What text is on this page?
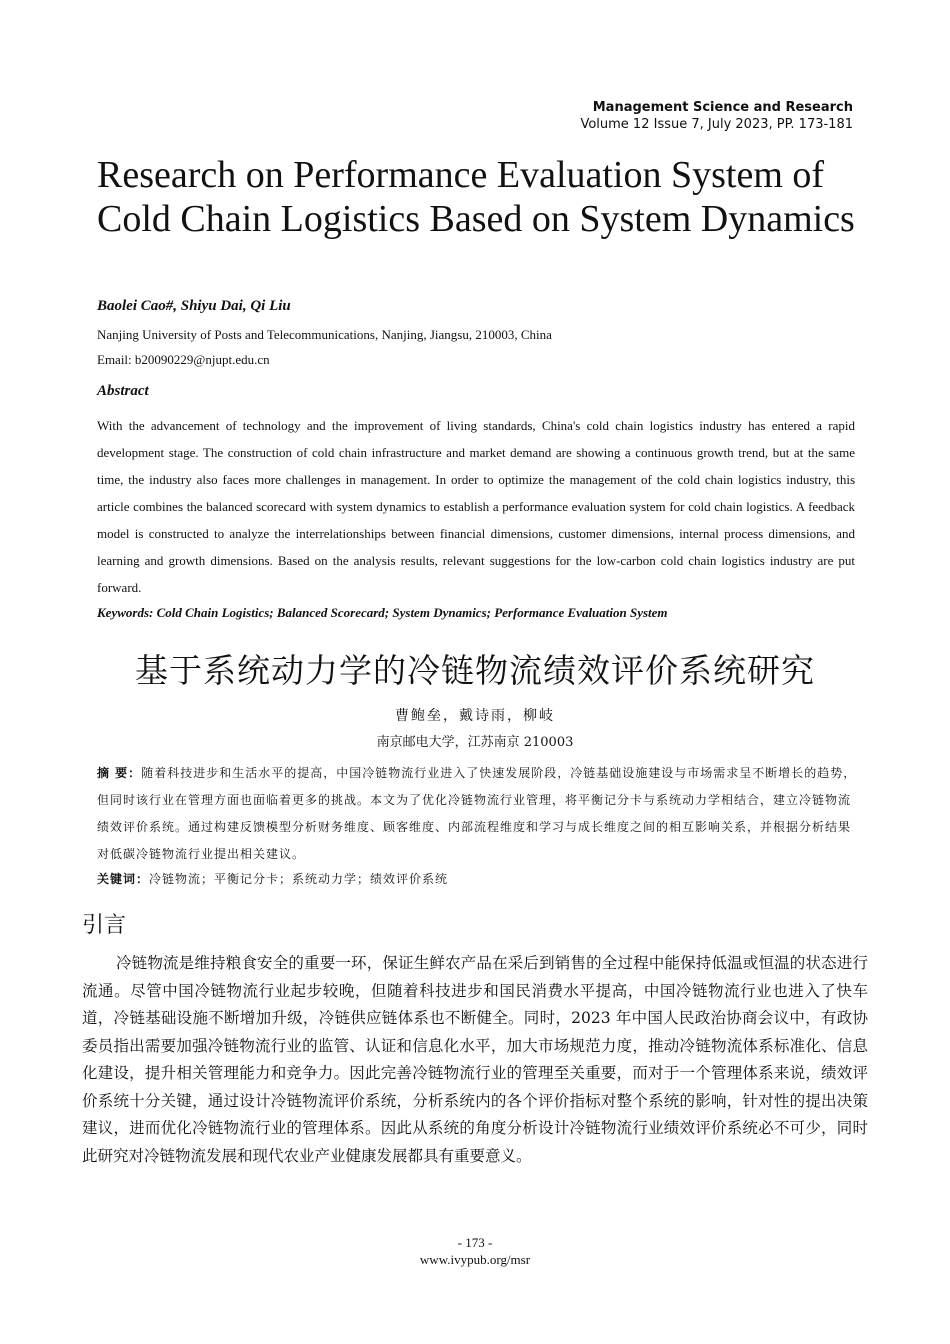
Management Science and Research
Volume 12 Issue 7, July 2023, PP. 173-181
Research on Performance Evaluation System of Cold Chain Logistics Based on System Dynamics
Baolei Cao#, Shiyu Dai, Qi Liu
Nanjing University of Posts and Telecommunications, Nanjing, Jiangsu, 210003, China
Email: b20090229@njupt.edu.cn
Abstract
With the advancement of technology and the improvement of living standards, China's cold chain logistics industry has entered a rapid development stage. The construction of cold chain infrastructure and market demand are showing a continuous growth trend, but at the same time, the industry also faces more challenges in management. In order to optimize the management of the cold chain logistics industry, this article combines the balanced scorecard with system dynamics to establish a performance evaluation system for cold chain logistics. A feedback model is constructed to analyze the interrelationships between financial dimensions, customer dimensions, internal process dimensions, and learning and growth dimensions. Based on the analysis results, relevant suggestions for the low-carbon cold chain logistics industry are put forward.
Keywords: Cold Chain Logistics; Balanced Scorecard; System Dynamics; Performance Evaluation System
基于系统动力学的冷链物流绩效评价系统研究
曹鲍垒，戴诗雨，柳岐
南京邮电大学，江苏南京 210003
摘 要：随着科技进步和生活水平的提高，中国冷链物流行业进入了快速发展阶段，冷链基础设施建设与市场需求呈不断增长的趋势，但同时该行业在管理方面也面临着更多的挑战。本文为了优化冷链物流行业管理，将平衡记分卡与系统动力学相结合，建立冷链物流绩效评价系统。通过构建反馈模型分析财务维度、顾客维度、内部流程维度和学习与成长维度之间的相互影响关系，并根据分析结果对低碳冷链物流行业提出相关建议。
关键词：冷链物流；平衡记分卡；系统动力学；绩效评价系统
引言
冷链物流是维持粮食安全的重要一环，保证生鲜农产品在采后到销售的全过程中能保持低温或恒温的状态进行流通。尽管中国冷链物流行业起步较晚，但随着科技进步和国民消费水平提高，中国冷链物流行业也进入了快车道，冷链基础设施不断增加升级，冷链供应链体系也不断健全。同时，2023 年中国人民政治协商会议中，有政协委员指出需要加强冷链物流行业的监管、认证和信息化水平，加大市场规范力度，推动冷链物流体系标准化、信息化建设，提升相关管理能力和竞争力。因此完善冷链物流行业的管理至关重要，而对于一个管理体系来说，绩效评价系统十分关键，通过设计冷链物流评价系统，分析系统内的各个评价指标对整个系统的影响，针对性的提出决策建议，进而优化冷链物流行业的管理体系。因此从系统的角度分析设计冷链物流行业绩效评价系统必不可少，同时此研究对冷链物流发展和现代农业产业健康发展都具有重要意义。
- 173 -
www.ivypub.org/msr
